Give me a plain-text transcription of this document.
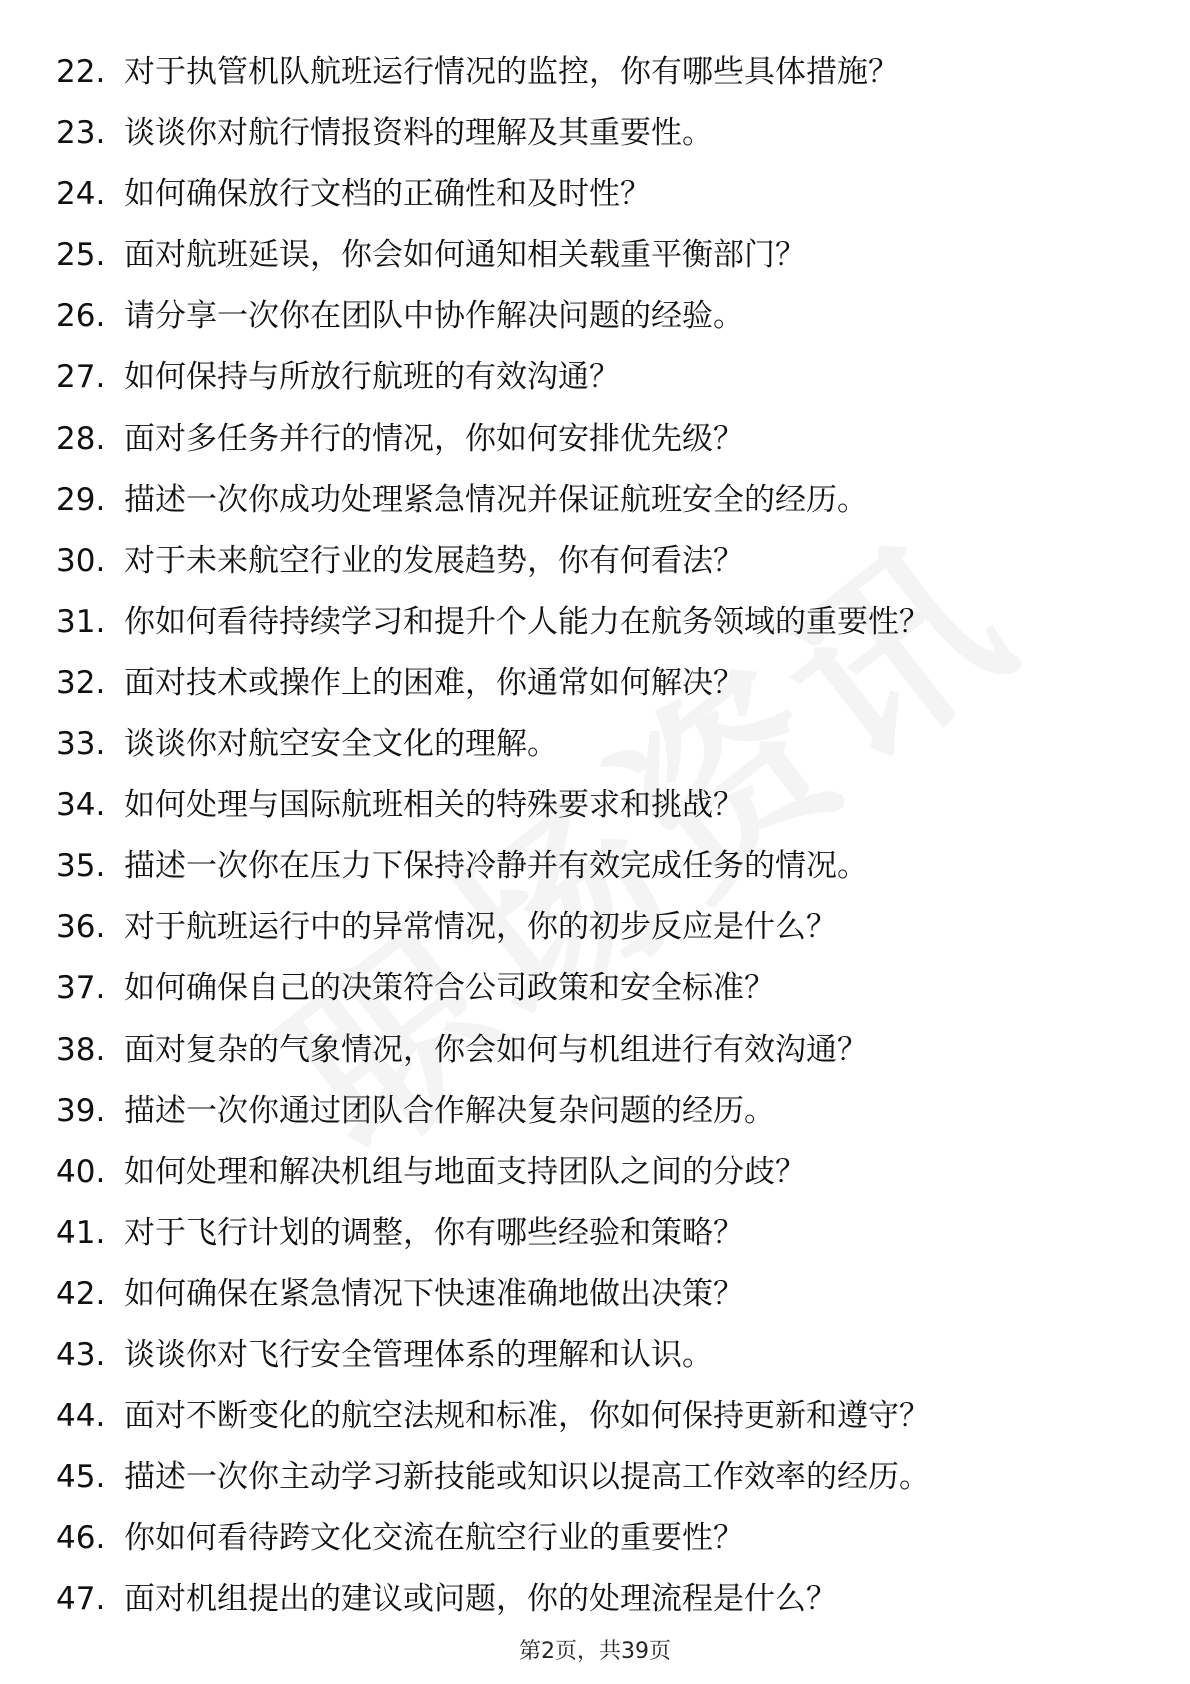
22. 对于执管机队航班运行情况的监控，你有哪些具体措施？
23. 谈谈你对航行情报资料的理解及其重要性。
24. 如何确保放行文档的正确性和及时性？
25. 面对航班延误，你会如何通知相关载重平衡部门？
26. 请分享一次你在团队中协作解决问题的经验。
27. 如何保持与所放行航班的有效沟通？
28. 面对多任务并行的情况，你如何安排优先级？
29. 描述一次你成功处理紧急情况并保证航班安全的经历。
30. 对于未来航空行业的发展趋势，你有何看法？
31. 你如何看待持续学习和提升个人能力在航务领域的重要性？
32. 面对技术或操作上的困难，你通常如何解决？
33. 谈谈你对航空安全文化的理解。
34. 如何处理与国际航班相关的特殊要求和挑战？
35. 描述一次你在压力下保持冷静并有效完成任务的情况。
36. 对于航班运行中的异常情况，你的初步反应是什么？
37. 如何确保自己的决策符合公司政策和安全标准？
38. 面对复杂的气象情况，你会如何与机组进行有效沟通？
39. 描述一次你通过团队合作解决复杂问题的经历。
40. 如何处理和解决机组与地面支持团队之间的分歧？
41. 对于飞行计划的调整，你有哪些经验和策略？
42. 如何确保在紧急情况下快速准确地做出决策？
43. 谈谈你对飞行安全管理体系的理解和认识。
44. 面对不断变化的航空法规和标准，你如何保持更新和遵守？
45. 描述一次你主动学习新技能或知识以提高工作效率的经历。
46. 你如何看待跨文化交流在航空行业的重要性？
47. 面对机组提出的建议或问题，你的处理流程是什么？
第2页，共39页
